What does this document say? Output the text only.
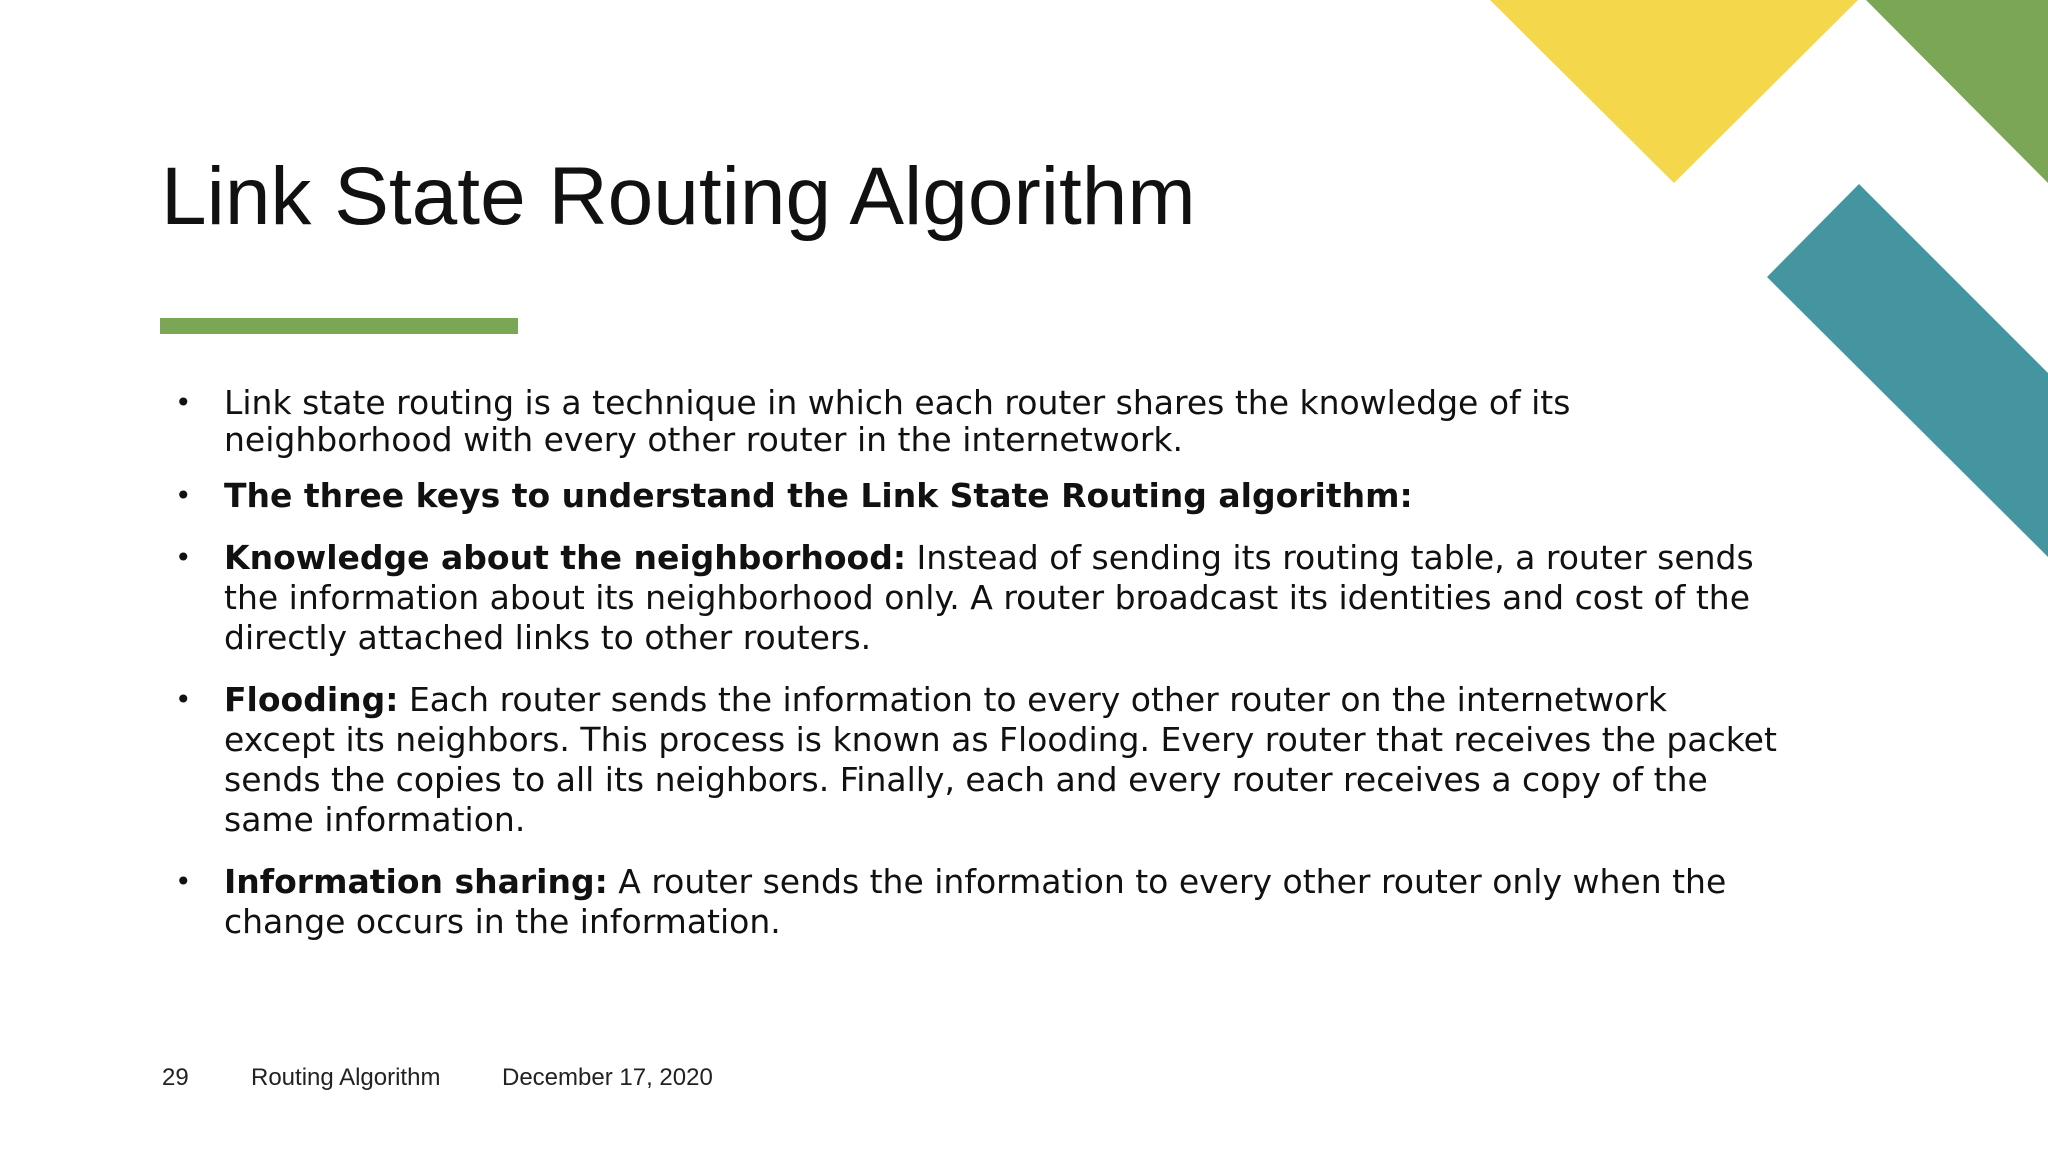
Link State Routing Algorithm
• Link state routing is a technique in which each router shares the knowledge of its neighborhood with every other router in the internetwork.
• The three keys to understand the Link State Routing algorithm:
• Knowledge about the neighborhood: Instead of sending its routing table, a router sends the information about its neighborhood only. A router broadcast its identities and cost of the directly attached links to other routers.
• Flooding: Each router sends the information to every other router on the internetwork except its neighbors. This process is known as Flooding. Every router that receives the packet sends the copies to all its neighbors. Finally, each and every router receives a copy of the same information.
• Information sharing: A router sends the information to every other router only when the change occurs in the information.
29	Routing Algorithm	December 17, 2020
